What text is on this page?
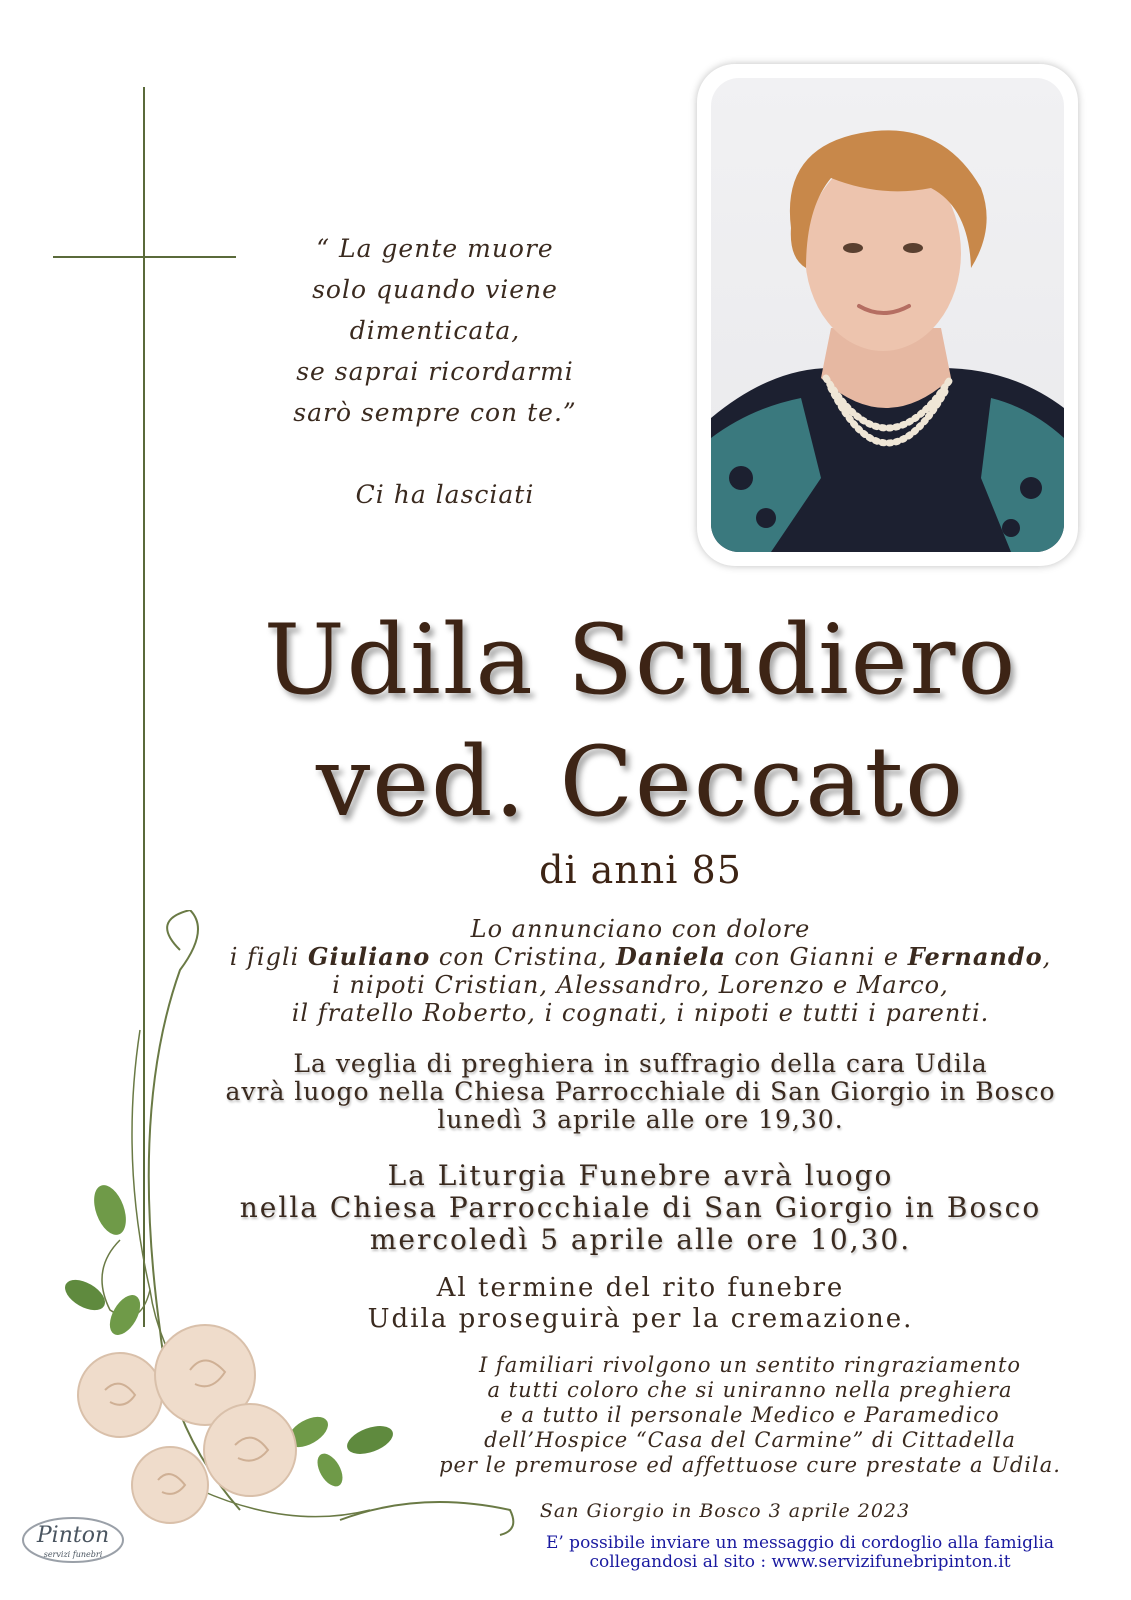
“ La gente muore
solo quando viene dimenticata,
se saprai ricordarmi
sarò sempre con te.”
Ci ha lasciati
Udila Scudiero
ved. Ceccato
di anni 85
Lo annunciano con dolore
i figli Giuliano con Cristina, Daniela con Gianni e Fernando,
i nipoti Cristian, Alessandro, Lorenzo e Marco,
il fratello Roberto, i cognati, i nipoti e tutti i parenti.
La veglia di preghiera in suffragio della cara Udila
avrà luogo nella Chiesa Parrocchiale di San Giorgio in Bosco
lunedì 3 aprile alle ore 19,30.
La Liturgia Funebre avrà luogo
nella Chiesa Parrocchiale di San Giorgio in Bosco
mercoledì 5 aprile alle ore 10,30.
Al termine del rito funebre
Udila proseguirà per la cremazione.
I familiari rivolgono un sentito ringraziamento
a tutti coloro che si uniranno nella preghiera
e a tutto il personale Medico e Paramedico
dell’Hospice “Casa del Carmine” di Cittadella
per le premurose ed affettuose cure prestate a Udila.
San Giorgio in Bosco 3 aprile 2023
E’ possibile inviare un messaggio di cordoglio alla famiglia
collegandosi al sito : www.servizifunebripinton.it
Pinton
servizi funebri
